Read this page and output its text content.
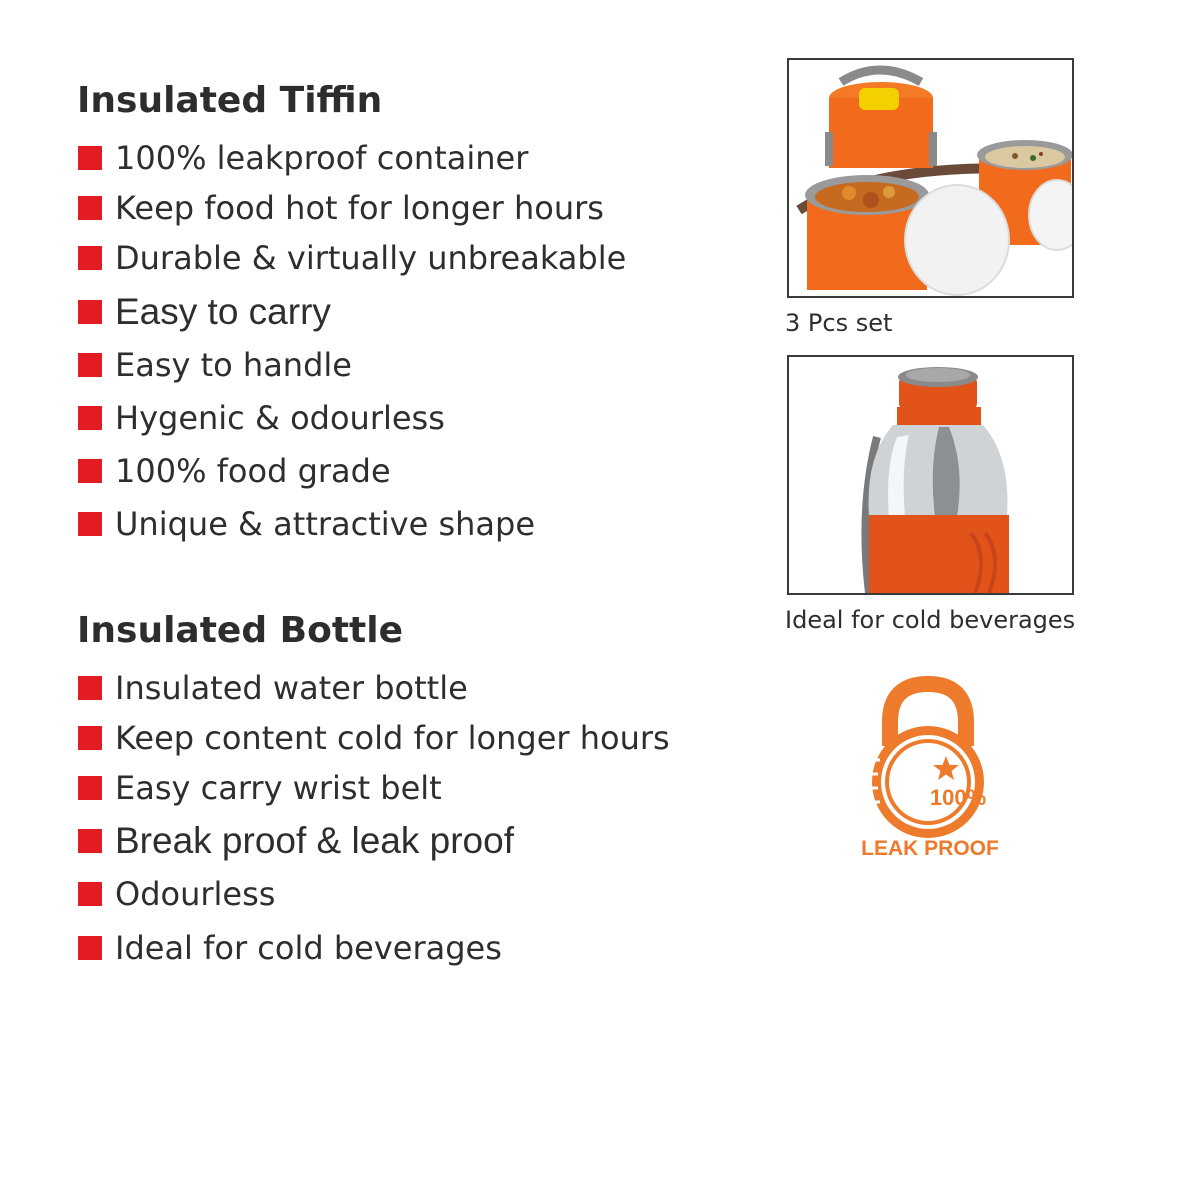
Insulated Tiffin
100% leakproof container
Keep food hot for longer hours
Durable & virtually unbreakable
Easy to carry
Easy to handle
Hygenic & odourless
100% food grade
Unique & attractive shape
Insulated Bottle
Insulated water bottle
Keep content cold for longer hours
Easy carry wrist belt
Break proof & leak proof
Odourless
Ideal for cold beverages
3 Pcs set
Ideal for cold beverages
100%
LEAK PROOF
